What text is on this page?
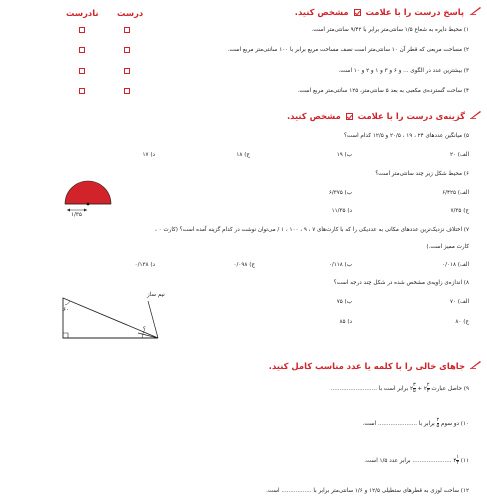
نادرست درست	پاسخ درست را با علامت  مشخص کنید.
۱) محیط دایره به شعاع ۱/۵ سانتی‌متر برابر با ۹/۴۲ سانتی‌متر است.
۲) مساحت مربعی که قطر آن ۱۰ سانتی‌متر است نصف مساحت مربع برابر با ۱۰۰ سانتی‌متر مربع است.
۳) بیشترین عدد در الگوی ... و ۶ و ۳ و ۱ و ۲ و ۱۰ است.
۴) ساحت گسترده‌ی مکعبی به بعد ۵ سانتی‌متر، ۱۲۵ سانتی‌متر مربع است.
گزینه‌ی درست را با علامت  مشخص کنید.
۵) میانگین عددهای ۲۴ ، ۱۹ ، ۲۰/۵ و ۱۲/۵ کدام است؟
الف) ۲۰
ب) ۱۹
ج) ۱۸
د) ۱۷
۶) محیط شکل زیر چند سانتی‌متر است؟
الف) ۶/۴۲۵
ب) ۶/۳۷۵
ج) ۷/۳۵
د) ۱۱/۳۵
۱/۳۵
۷) اختلاف نزدیک‌ترین عددهای مکانی به عددیکی را که با کارت‌های ۷ ، ۹ ، ۱۰۰ ، ۱ / می‌توان نوشت در کدام گزینه آمده است؟ (کارت ۰ ،
کارت ممیز است.)
الف) ۰/۰۱۸
ب) ۰/۱۱۸
ج) ۰/۰۹۸
د) ۰/۱۳۸
۸) اندازه‌ی زاویه‌ی مشخص شده در شکل چند درجه است؟
الف) ۷۰
ب) ۷۵
ج) ۸۰
د) ۸۵
نیم ساز
۶۰
؟
جاهای خالی را با کلمه یا عدد مناسب کامل کنید.
۹) حاصل عبارت ۲ $\frac{۳}{۵}$ + ۲ $\frac{۲}{۳}$
برابر است با ..........................
۱۰) دو سوم
$\frac{۲}{۵}$
برابر با ...................... است.
۱۱) ۴ $\frac{۱}{۲}$
...................... برابر عدد ۱/۵ است.
۱۲) ساحت لوزی به قطرهای ستطیلی ۱۲/۵ و ۱/۶ سانتی‌متر برابر با ................. است.
